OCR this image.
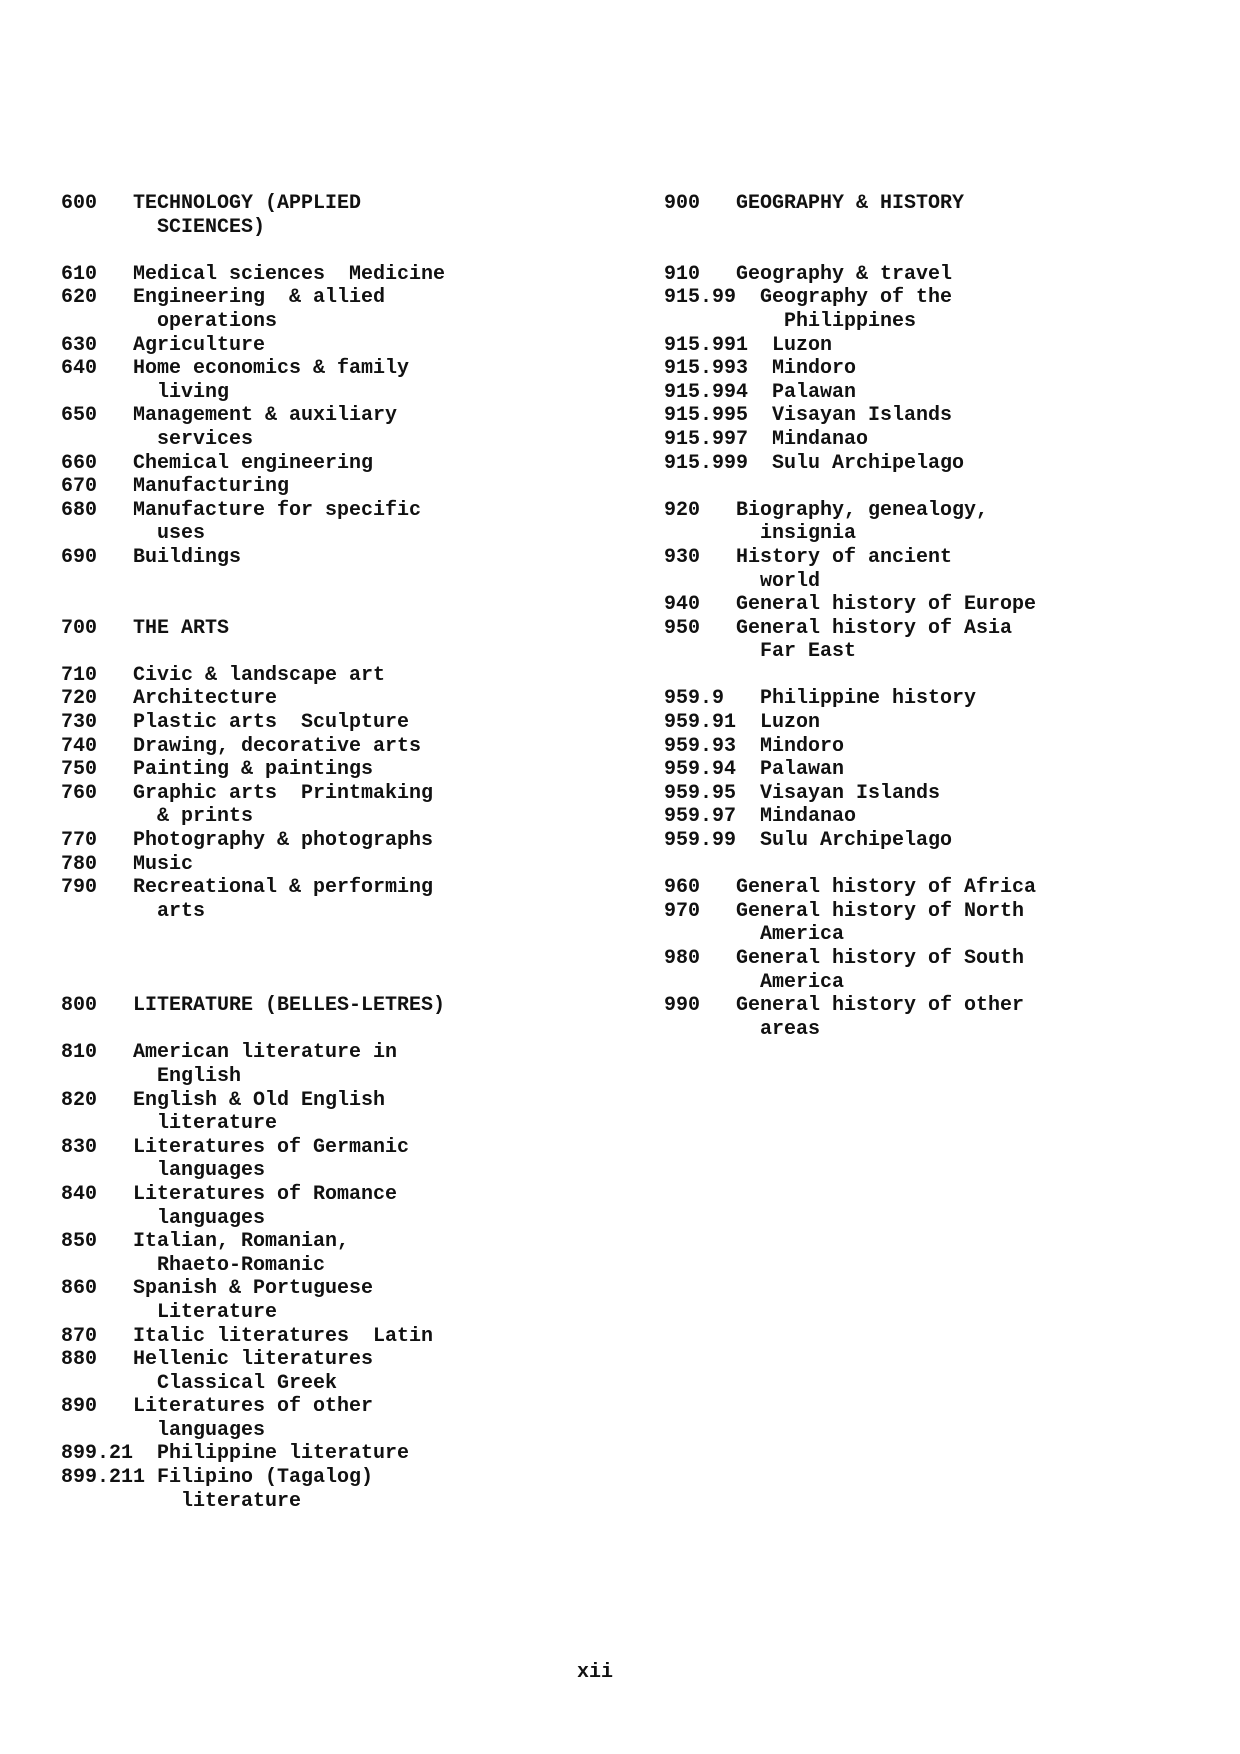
600   TECHNOLOGY (APPLIED
SCIENCES)

610   Medical sciences  Medicine
620   Engineering  & allied
operations
630   Agriculture
640   Home economics & family
living
650   Management & auxiliary
services
660   Chemical engineering
670   Manufacturing
680   Manufacture for specific
uses
690   Buildings

700   THE ARTS

710   Civic & landscape art
720   Architecture
730   Plastic arts  Sculpture
740   Drawing, decorative arts
750   Painting & paintings
760   Graphic arts  Printmaking
& prints
770   Photography & photographs
780   Music
790   Recreational & performing
arts

800   LITERATURE (BELLES-LETRES)

810   American literature in
English
820   English & Old English
literature
830   Literatures of Germanic
languages
840   Literatures of Romance
languages
850   Italian, Romanian,
Rhaeto-Romanic
860   Spanish & Portuguese
Literature
870   Italic literatures  Latin
880   Hellenic literatures
Classical Greek
890   Literatures of other
languages
899.21  Philippine literature
899.211 Filipino (Tagalog)
literature
900   GEOGRAPHY & HISTORY

910   Geography & travel
915.99  Geography of the
Philippines
915.991  Luzon
915.993  Mindoro
915.994  Palawan
915.995  Visayan Islands
915.997  Mindanao
915.999  Sulu Archipelago

920   Biography, genealogy,
insignia
930   History of ancient
world
940   General history of Europe
950   General history of Asia
Far East

959.9   Philippine history
959.91  Luzon
959.93  Mindoro
959.94  Palawan
959.95  Visayan Islands
959.97  Mindanao
959.99  Sulu Archipelago

960   General history of Africa
970   General history of North
America
980   General history of South
America
990   General history of other
areas

xii
